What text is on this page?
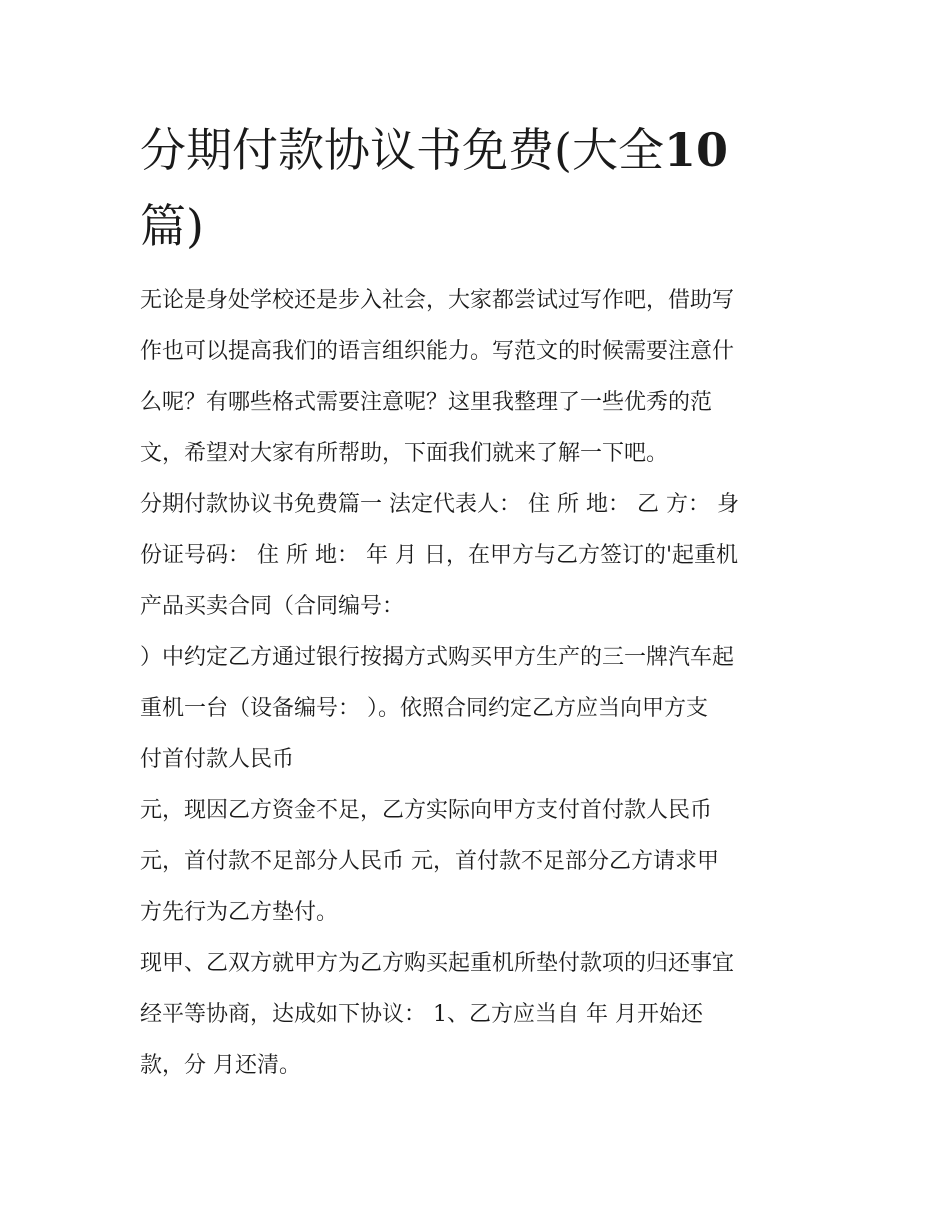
分期付款协议书免费(大全10
篇)
无论是身处学校还是步入社会，大家都尝试过写作吧，借助写
作也可以提高我们的语言组织能力。写范文的时候需要注意什
么呢？有哪些格式需要注意呢？这里我整理了一些优秀的范
文，希望对大家有所帮助，下面我们就来了解一下吧。
分期付款协议书免费篇一 法定代表人： 住 所 地： 乙 方： 身
份证号码： 住 所 地： 年 月 日，在甲方与乙方签订的'起重机
产品买卖合同（合同编号：
）中约定乙方通过银行按揭方式购买甲方生产的三一牌汽车起
重机一台（设备编号： ）。依照合同约定乙方应当向甲方支
付首付款人民币
元，现因乙方资金不足，乙方实际向甲方支付首付款人民币
元，首付款不足部分人民币 元，首付款不足部分乙方请求甲
方先行为乙方垫付。
现甲、乙双方就甲方为乙方购买起重机所垫付款项的归还事宜
经平等协商，达成如下协议： 1、乙方应当自 年 月开始还
款，分 月还清。
